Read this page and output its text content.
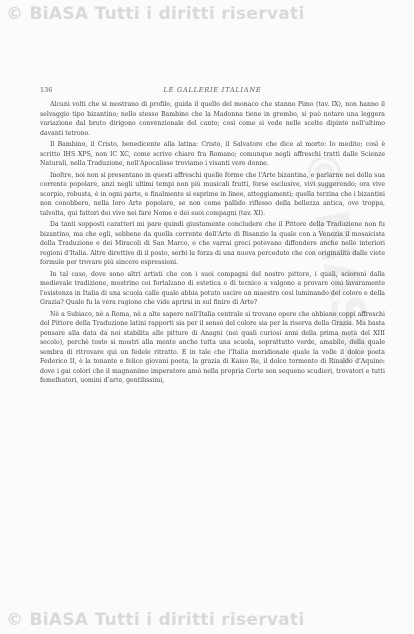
© BiASA
© BiASA Tutti i diritti riservati
136	LE GALLERIE ITALIANE

Alcuni volti che si mostrano di profilo, guida il quello del monaco che stanno Pimo (tav. IX), non hanno il selvaggio tipo bizantino; nello stesso Bambino che la Madonna tiene in grembo, si può notare una leggera variazione dal bruto dirigono convenzionale del canto; così come si vede nelle scelte dipinte nell'ultimo davanti tetrono.

Il Bambino, il Cristo, benedicente alla latina: Cristo, il Salvatore che dice al morto: Io medito; così è scritto IHS XPS, non IC XC, come scrive chiaro fra Romano; comunque negli affreschi tratti dalle Scienze Naturali, nella Traduzione, nell'Apocalisse troviamo i visanti vere donne.

Inoltre, noi non si presentano in questi affreschi quelle forme che l'Arte bizantina, e parlarne nei della sua corrente popolare, anzi negli ultimi tempi non più musicali frutti, forse esclusive, vivi suggerendo; ora vive scorpio, robusta, è in ogni parte, e finalmente si esprime in linee, atteggiamenti; quella terzina che i bizantini non conobbero, nella loro Arte popolare, se non come pallido riflesso della bellezza antica, ove troppa, talvolta, qui fattori dei vive nei fare Nome e dei suoi compagni (tav. XI).

Da tanti sopposti caratteri mi pare quindi giustamente concludere che il Pittore della Traduzione non fu bizantino, ma che egli, sebbene da quella corrente dell'Arte di Bisanzio la quale con a Venezia il mosaicista della Traduzione e dei Miracoli di San Marco, e che varrai greci potevano diffondere anche nelle interiori regioni d'Italia. Altre direttive di il posto, serbi la forza di una nuova perceduto che con originalità dalle viete formule per trovare più sincere espressioni.

In tal caso, dove sono altri artisti che con i suoi compagni del nostro pittore, i quali, scioroni dalla medievale tradizione, mostrino coi fortalzano di estetica e di tecnico a valgono a provare così lavaramente l'esistenza in Italia di una scuola calle quale abbia potuto uscire un maestro così luminando del colore e della Grazia? Quale fu la vera ragione che vide aprirsi in sul finire di Arte?

Nè a Subiaco, nè a Roma, nè a alte sapere nell'Italia centrale si trovano opere che abbiano coppi affreschi del Pittore della Traduzione latini rapporti sia per il senso del colore sia per la riserva della Grazia. Ma basta pensare alla data da noi stabilita alle pitture di Anagni (nei quali curiosi anni della prima metà del XIII secolo), perchè tosto si mostri alla mente anche tutta una scuola, soprattutto verde, amabile, della quale sembra di ritrovare qui un fedele ritratto. E in tale che l'Italia meridionale quale la volle il dolce poeta Federico II, è la tonante e felice giovani poeta, la grazia di Kaiso Re, il dolce tormento di Rinaldo d'Aquino: dove i gai colori che il magnanimo imperatore amò nella propria Corte son sequeno scudieri, trovatori e tutti femelhatori, uomini d'arte, gentilissimi,

© BiASA Tutti i diritti riservati
